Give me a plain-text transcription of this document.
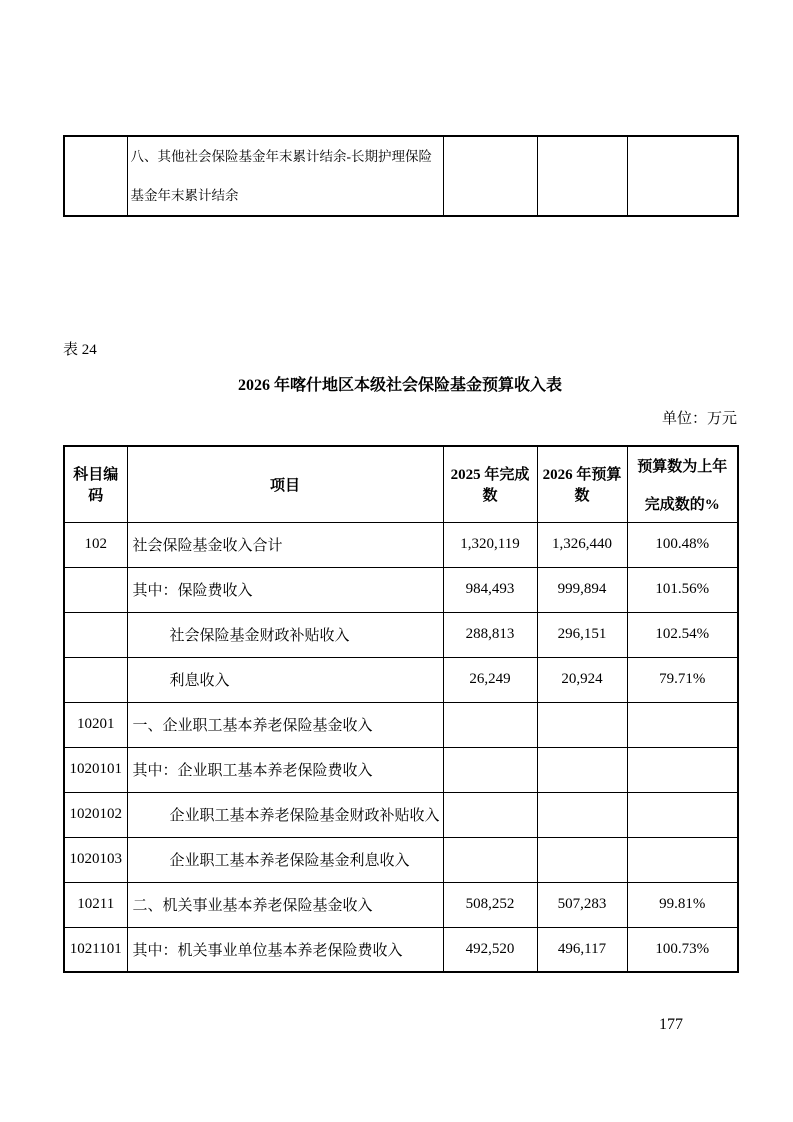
	八、其他社会保险基金年末累计结余-长期护理保险基金年末累计结余			
表 24
2026 年喀什地区本级社会保险基金预算收入表
单位：万元
科目编码	项目	2025 年完成数	2026 年预算数	预算数为上年
完成数的%

102	社会保险基金收入合计	1,320,119	1,326,440	100.48%
	其中：保险费收入	984,493	999,894	101.56%
	社会保险基金财政补贴收入	288,813	296,151	102.54%
	利息收入	26,249	20,924	79.71%
10201	一、企业职工基本养老保险基金收入			
1020101	其中：企业职工基本养老保险费收入			
1020102	企业职工基本养老保险基金财政补贴收入			
1020103	企业职工基本养老保险基金利息收入			
10211	二、机关事业基本养老保险基金收入	508,252	507,283	99.81%
1021101	其中：机关事业单位基本养老保险费收入	492,520	496,117	100.73%
177
